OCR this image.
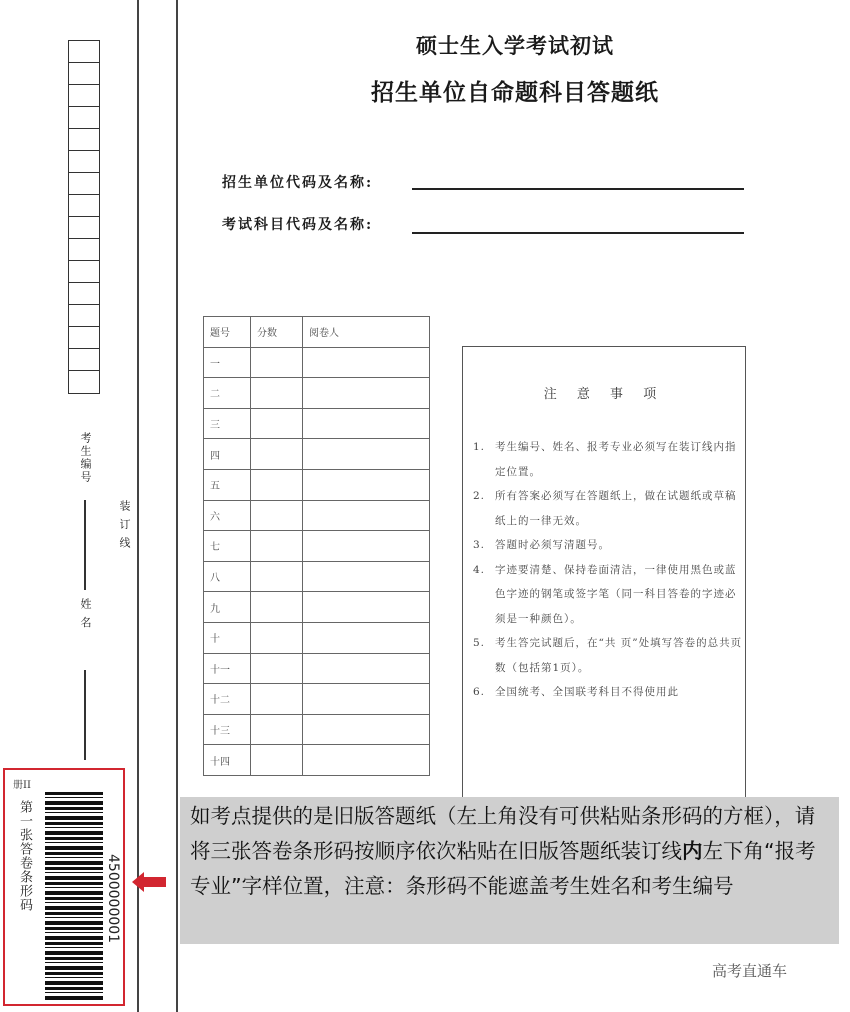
考生编号
姓 名
装 订 线
硕士生入学考试初试
招生单位自命题科目答题纸
招生单位代码及名称:
考试科目代码及名称:
题号	分数	阅卷人
一		
二		
三		
四		
五		
六		
七		
八		
九		
十		
十一		
十二		
十三		
十四		
注 意 事 项
1. 考生编号、姓名、报考专业必须写在装订线内指定位置。
2. 所有答案必须写在答题纸上，做在试题纸或草稿纸上的一律无效。
3. 答题时必须写清题号。
4. 字迹要清楚、保持卷面清洁，一律使用黑色或蓝色字迹的钢笔或签字笔（同一科目答卷的字迹必须是一种颜色）。
5. 考生答完试题后，在“共 页”处填写答卷的总共页数（包括第1页）。
6. 全国统考、全国联考科目不得使用此
册II
第一张答卷条形码	4500000001
如考点提供的是旧版答题纸（左上角没有可供粘贴条形码的方框），请将三张答卷条形码按顺序依次粘贴在旧版答题纸装订线内左下角“报考专业”字样位置，注意：条形码不能遮盖考生姓名和考生编号
高考直通车
